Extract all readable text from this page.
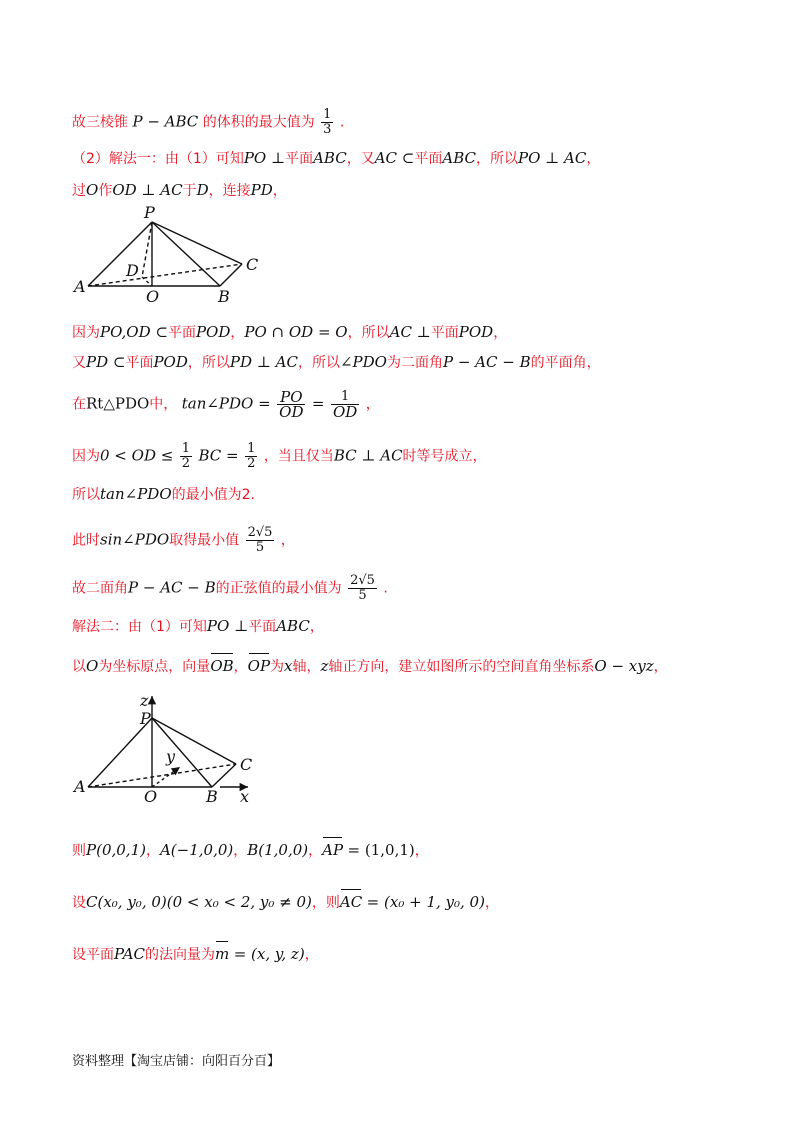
故三棱锥 P − ABC 的体积的最大值为 $\frac{1}{3}$ .
（2）解法一：由（1）可知PO ⊥平面ABC，又AC ⊂平面ABC，所以PO ⊥ AC，
过O作OD ⊥ AC于D，连接PD，
P
D	C
A
O	B
因为PO,OD ⊂平面POD，PO ∩ OD = O，所以AC ⊥平面POD，
又PD ⊂平面POD，所以PD ⊥ AC，所以∠PDO为二面角P − AC − B的平面角，
在Rt△PDO中， tan∠PDO = $\frac{PO}{OD} = \frac{1}{OD}$ ，
因为0 < OD ≤ $\frac{1}{2}$ BC = $\frac{1}{2}$ ，当且仅当BC ⊥ AC时等号成立，
所以tan∠PDO的最小值为2.
此时sin∠PDO取得最小值 $\frac{2√5}{5}$ ，
故二面角P − AC − B的正弦值的最小值为 $\frac{2√5}{5}$ .
解法二：由（1）可知PO ⊥平面ABC，
以O为坐标原点，向量OB，OP为x轴，z轴正方向，建立如图所示的空间直角坐标系O − xyz，
z
P
y	C
A
O	B x
则P(0,0,1)，A(−1,0,0)，B(1,0,0)，AP = (1,0,1)，
设C(x₀, y₀, 0)(0 < x₀ < 2, y₀ ≠ 0)，则AC = (x₀ + 1, y₀, 0)，
设平面PAC的法向量为m = (x, y, z)，
资料整理【淘宝店铺：向阳百分百】
